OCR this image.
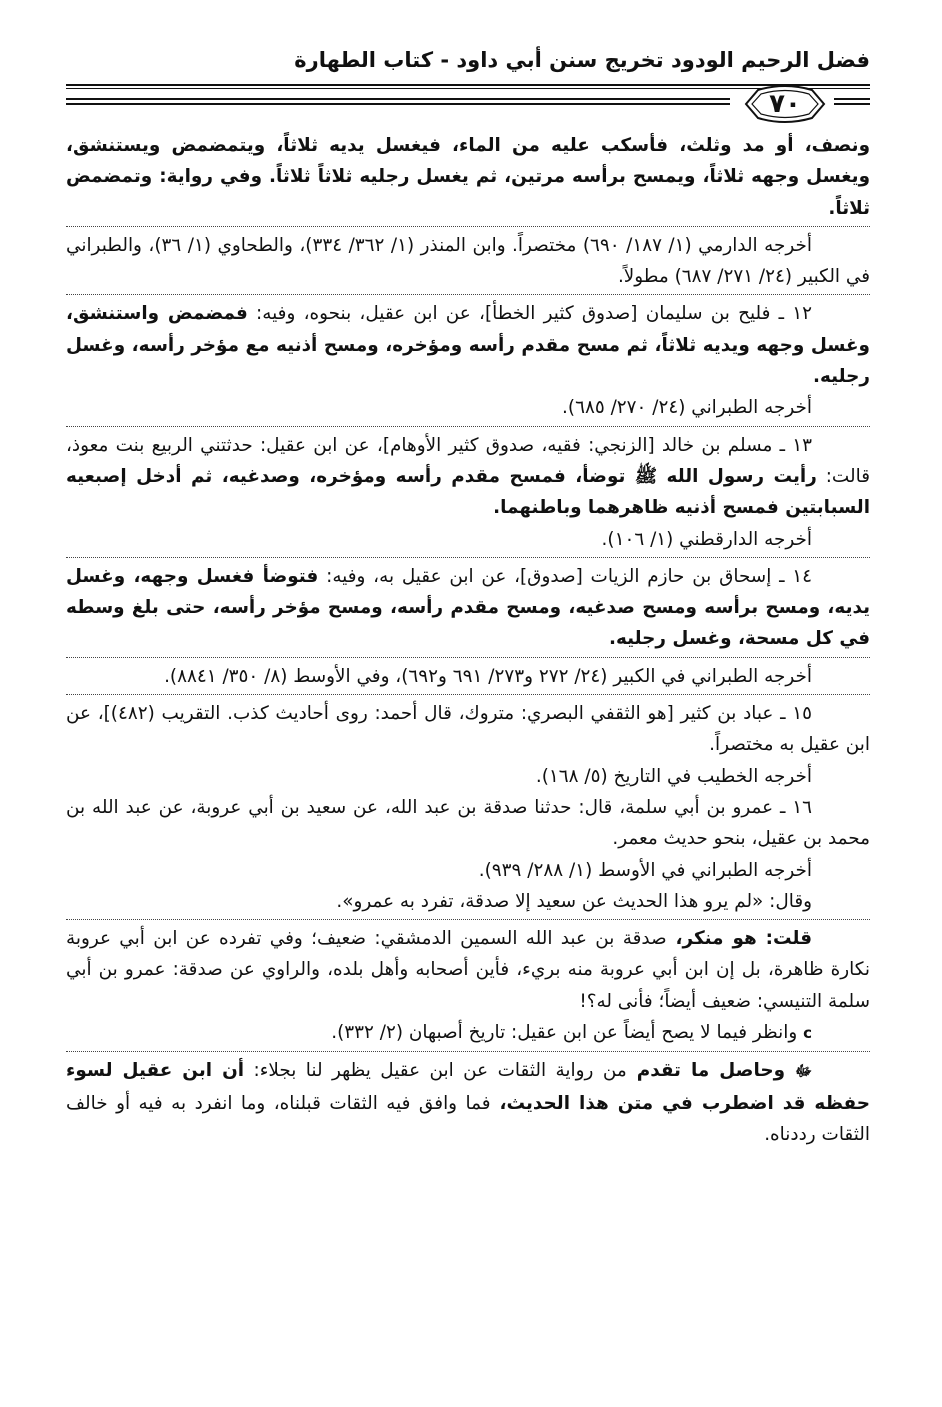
فضل الرحيم الودود تخريج سنن أبي داود - كتاب الطهارة
٧٠

ونصف، أو مد وثلث، فأسكب عليه من الماء، فيغسل يديه ثلاثاً، ويتمضمض ويستنشق، ويغسل وجهه ثلاثاً، ويمسح برأسه مرتين، ثم يغسل رجليه ثلاثاً ثلاثاً. وفي رواية: وتمضمض ثلاثاً.

أخرجه الدارمي (١/ ١٨٧/ ٦٩٠) مختصراً. وابن المنذر (١/ ٣٦٢/ ٣٣٤)، والطحاوي (١/ ٣٦)، والطبراني في الكبير (٢٤/ ٢٧١/ ٦٨٧) مطولاً.

١٢ ـ فليح بن سليمان [صدوق كثير الخطأ]، عن ابن عقيل، بنحوه، وفيه: فمضمض واستنشق، وغسل وجهه ويديه ثلاثاً، ثم مسح مقدم رأسه ومؤخره، ومسح أذنيه مع مؤخر رأسه، وغسل رجليه.

أخرجه الطبراني (٢٤/ ٢٧٠/ ٦٨٥).

١٣ ـ مسلم بن خالد [الزنجي: فقيه، صدوق كثير الأوهام]، عن ابن عقيل: حدثتني الربيع بنت معوذ، قالت: رأيت رسول الله ﷺ توضأ، فمسح مقدم رأسه ومؤخره، وصدغيه، ثم أدخل إصبعيه السبابتين فمسح أذنيه ظاهرهما وباطنهما.

أخرجه الدارقطني (١/ ١٠٦).

١٤ ـ إسحاق بن حازم الزيات [صدوق]، عن ابن عقيل به، وفيه: فتوضأ فغسل وجهه، وغسل يديه، ومسح برأسه ومسح صدغيه، ومسح مقدم رأسه، ومسح مؤخر رأسه، حتى بلغ وسطه في كل مسحة، وغسل رجليه.

أخرجه الطبراني في الكبير (٢٤/ ٢٧٢ و٢٧٣/ ٦٩١ و٦٩٢)، وفي الأوسط (٨/ ٣٥٠/ ٨٨٤١).

١٥ ـ عباد بن كثير [هو الثقفي البصري: متروك، قال أحمد: روى أحاديث كذب. التقريب (٤٨٢)]، عن ابن عقيل به مختصراً.

أخرجه الخطيب في التاريخ (٥/ ١٦٨).

١٦ ـ عمرو بن أبي سلمة، قال: حدثنا صدقة بن عبد الله، عن سعيد بن أبي عروبة، عن عبد الله بن محمد بن عقيل، بنحو حديث معمر.

أخرجه الطبراني في الأوسط (١/ ٢٨٨/ ٩٣٩).

وقال: «لم يرو هذا الحديث عن سعيد إلا صدقة، تفرد به عمرو».

قلت: هو منكر، صدقة بن عبد الله السمين الدمشقي: ضعيف؛ وفي تفرده عن ابن أبي عروبة نكارة ظاهرة، بل إن ابن أبي عروبة منه بريء، فأين أصحابه وأهل بلده، والراوي عن صدقة: عمرو بن أبي سلمة التنيسي: ضعيف أيضاً؛ فأنى له؟!

c وانظر فيما لا يصح أيضاً عن ابن عقيل: تاريخ أصبهان (٢/ ٣٣٢).

ﷻ وحاصل ما تقدم من رواية الثقات عن ابن عقيل يظهر لنا بجلاء: أن ابن عقيل لسوء حفظه قد اضطرب في متن هذا الحديث، فما وافق فيه الثقات قبلناه، وما انفرد به فيه أو خالف الثقات رددناه.
